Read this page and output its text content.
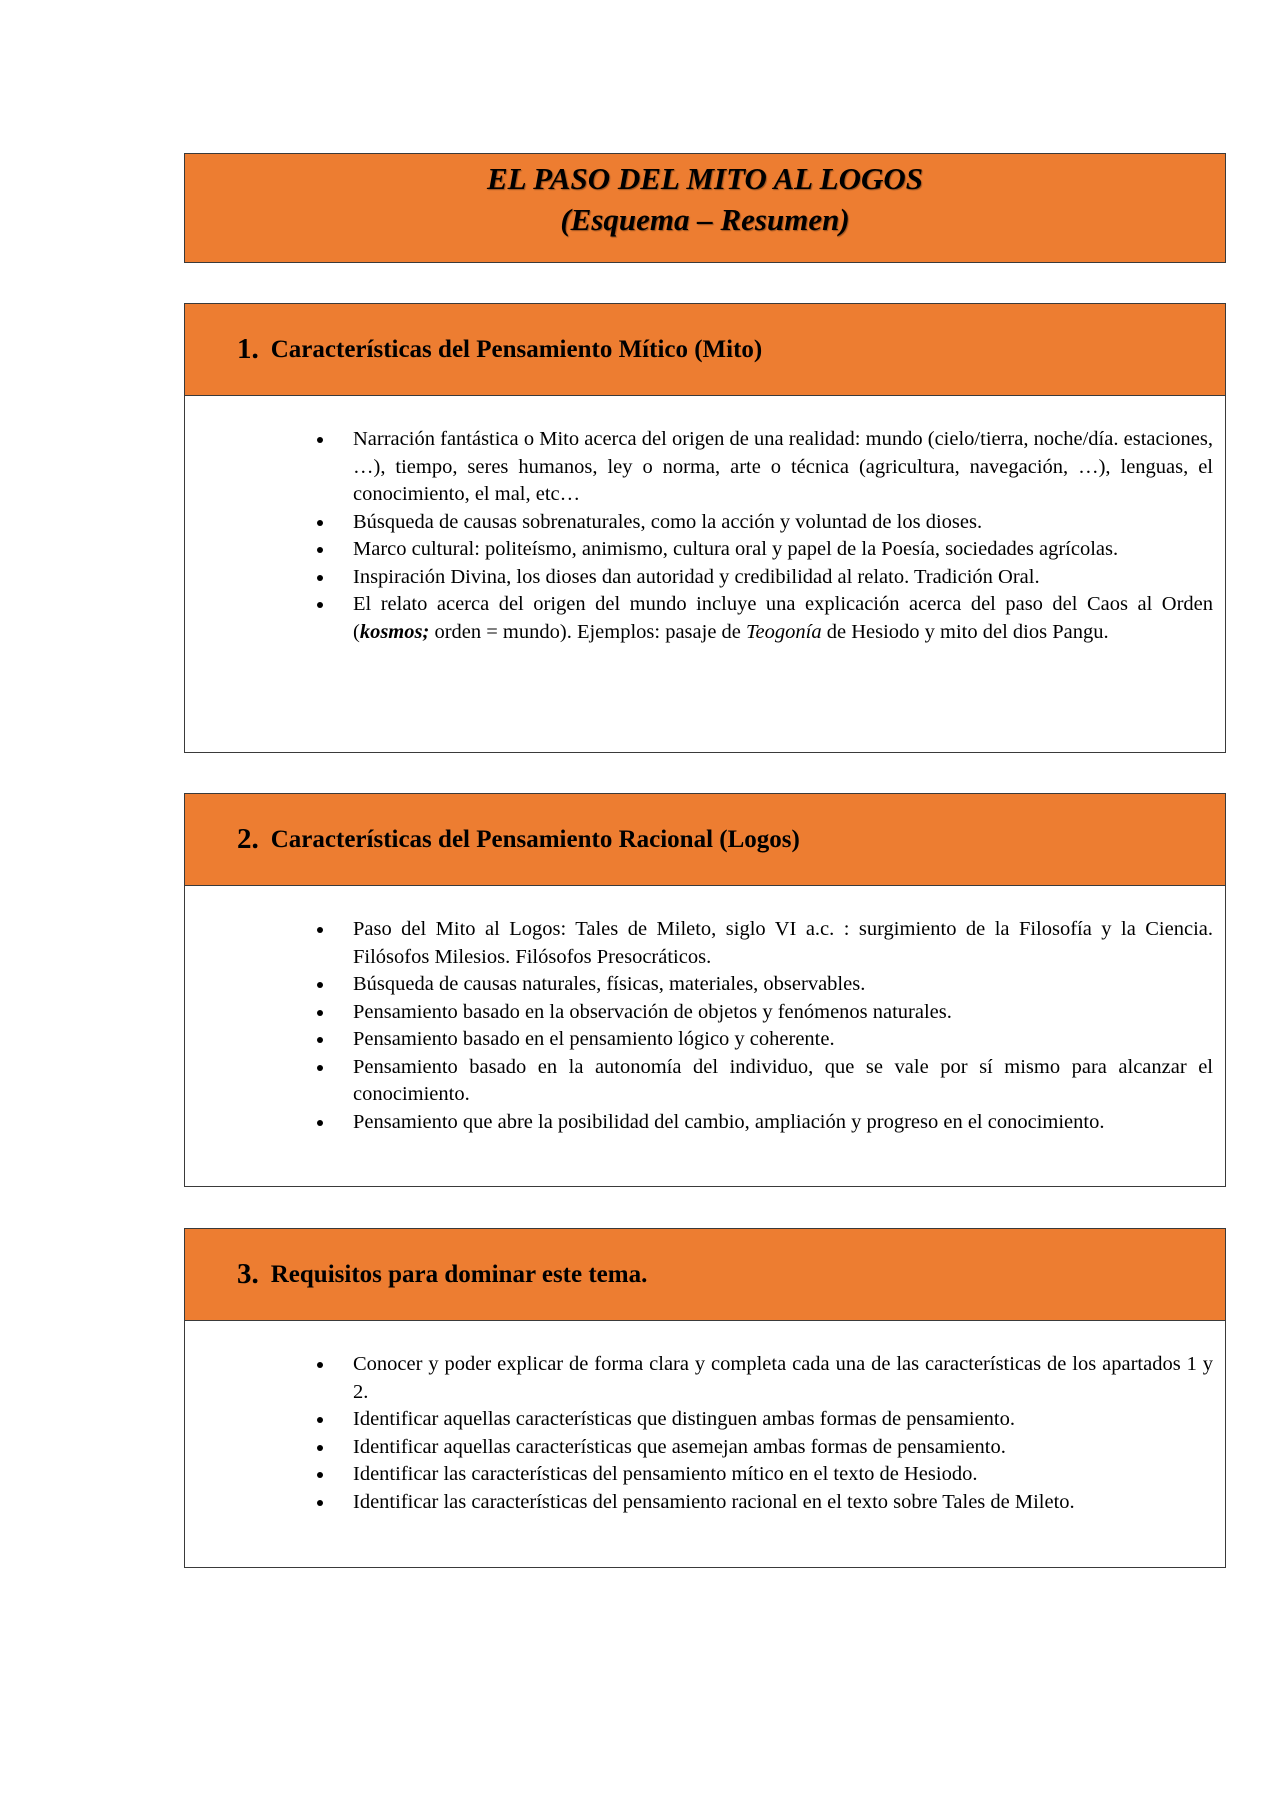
EL PASO DEL MITO AL LOGOS
(Esquema – Resumen)
1. Características del Pensamiento Mítico (Mito)
Narración fantástica o Mito acerca del origen de una realidad: mundo (cielo/tierra, noche/día. estaciones, …), tiempo, seres humanos, ley o norma, arte o técnica (agricultura, navegación, …), lenguas, el conocimiento, el mal, etc…
Búsqueda de causas sobrenaturales, como la acción y voluntad de los dioses.
Marco cultural: politeísmo, animismo, cultura oral y papel de la Poesía, sociedades agrícolas.
Inspiración Divina, los dioses dan autoridad y credibilidad al relato. Tradición Oral.
El relato acerca del origen del mundo incluye una explicación acerca del paso del Caos al Orden (kosmos; orden = mundo). Ejemplos: pasaje de Teogonía de Hesiodo y mito del dios Pangu.
2. Características del Pensamiento Racional (Logos)
Paso del Mito al Logos: Tales de Mileto, siglo VI a.c. : surgimiento de la Filosofía y la Ciencia. Filósofos Milesios. Filósofos Presocráticos.
Búsqueda de causas naturales, físicas, materiales, observables.
Pensamiento basado en la observación de objetos y fenómenos naturales.
Pensamiento basado en el pensamiento lógico y coherente.
Pensamiento basado en la autonomía del individuo, que se vale por sí mismo para alcanzar el conocimiento.
Pensamiento que abre la posibilidad del cambio, ampliación y progreso en el conocimiento.
3. Requisitos para dominar este tema.
Conocer y poder explicar de forma clara y completa cada una de las características de los apartados 1 y 2.
Identificar aquellas características que distinguen ambas formas de pensamiento.
Identificar aquellas características que asemejan ambas formas de pensamiento.
Identificar las características del pensamiento mítico en el texto de Hesiodo.
Identificar las características del pensamiento racional en el texto sobre Tales de Mileto.
